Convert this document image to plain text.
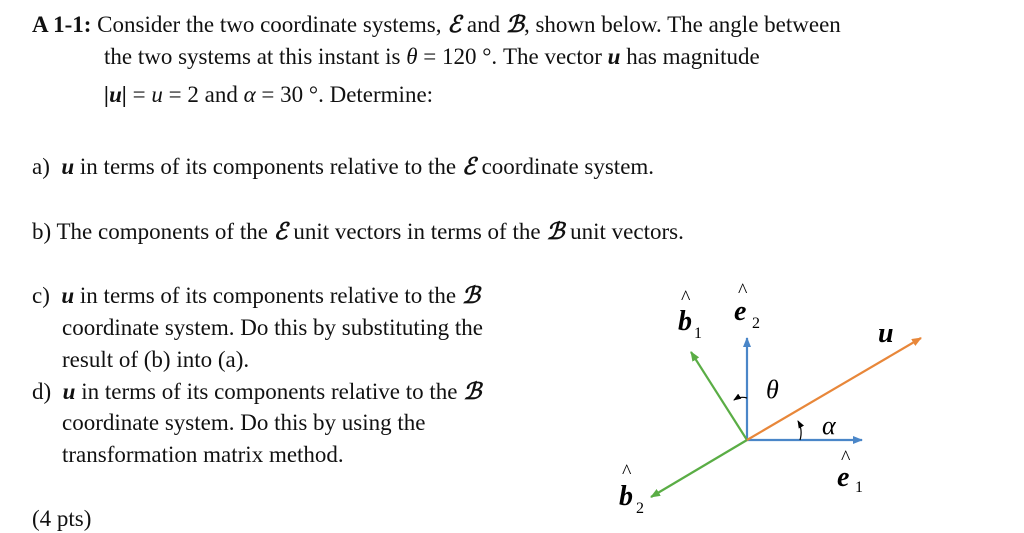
A 1-1: Consider the two coordinate systems, ℰ and ℬ, shown below. The angle between
the two systems at this instant is θ = 120 °. The vector u has magnitude
|u| = u = 2 and α = 30 °. Determine:
a) u in terms of its components relative to the ℰ coordinate system.
b) The components of the ℰ unit vectors in terms of the ℬ unit vectors.
c) u in terms of its components relative to the ℬ
coordinate system. Do this by substituting the
result of (b) into (a).
d) u in terms of its components relative to the ℬ
coordinate system. Do this by using the
transformation matrix method.
(4 pts)
^
b 1
^
e 2	u
θ
α
^
e 1
^
b 2
